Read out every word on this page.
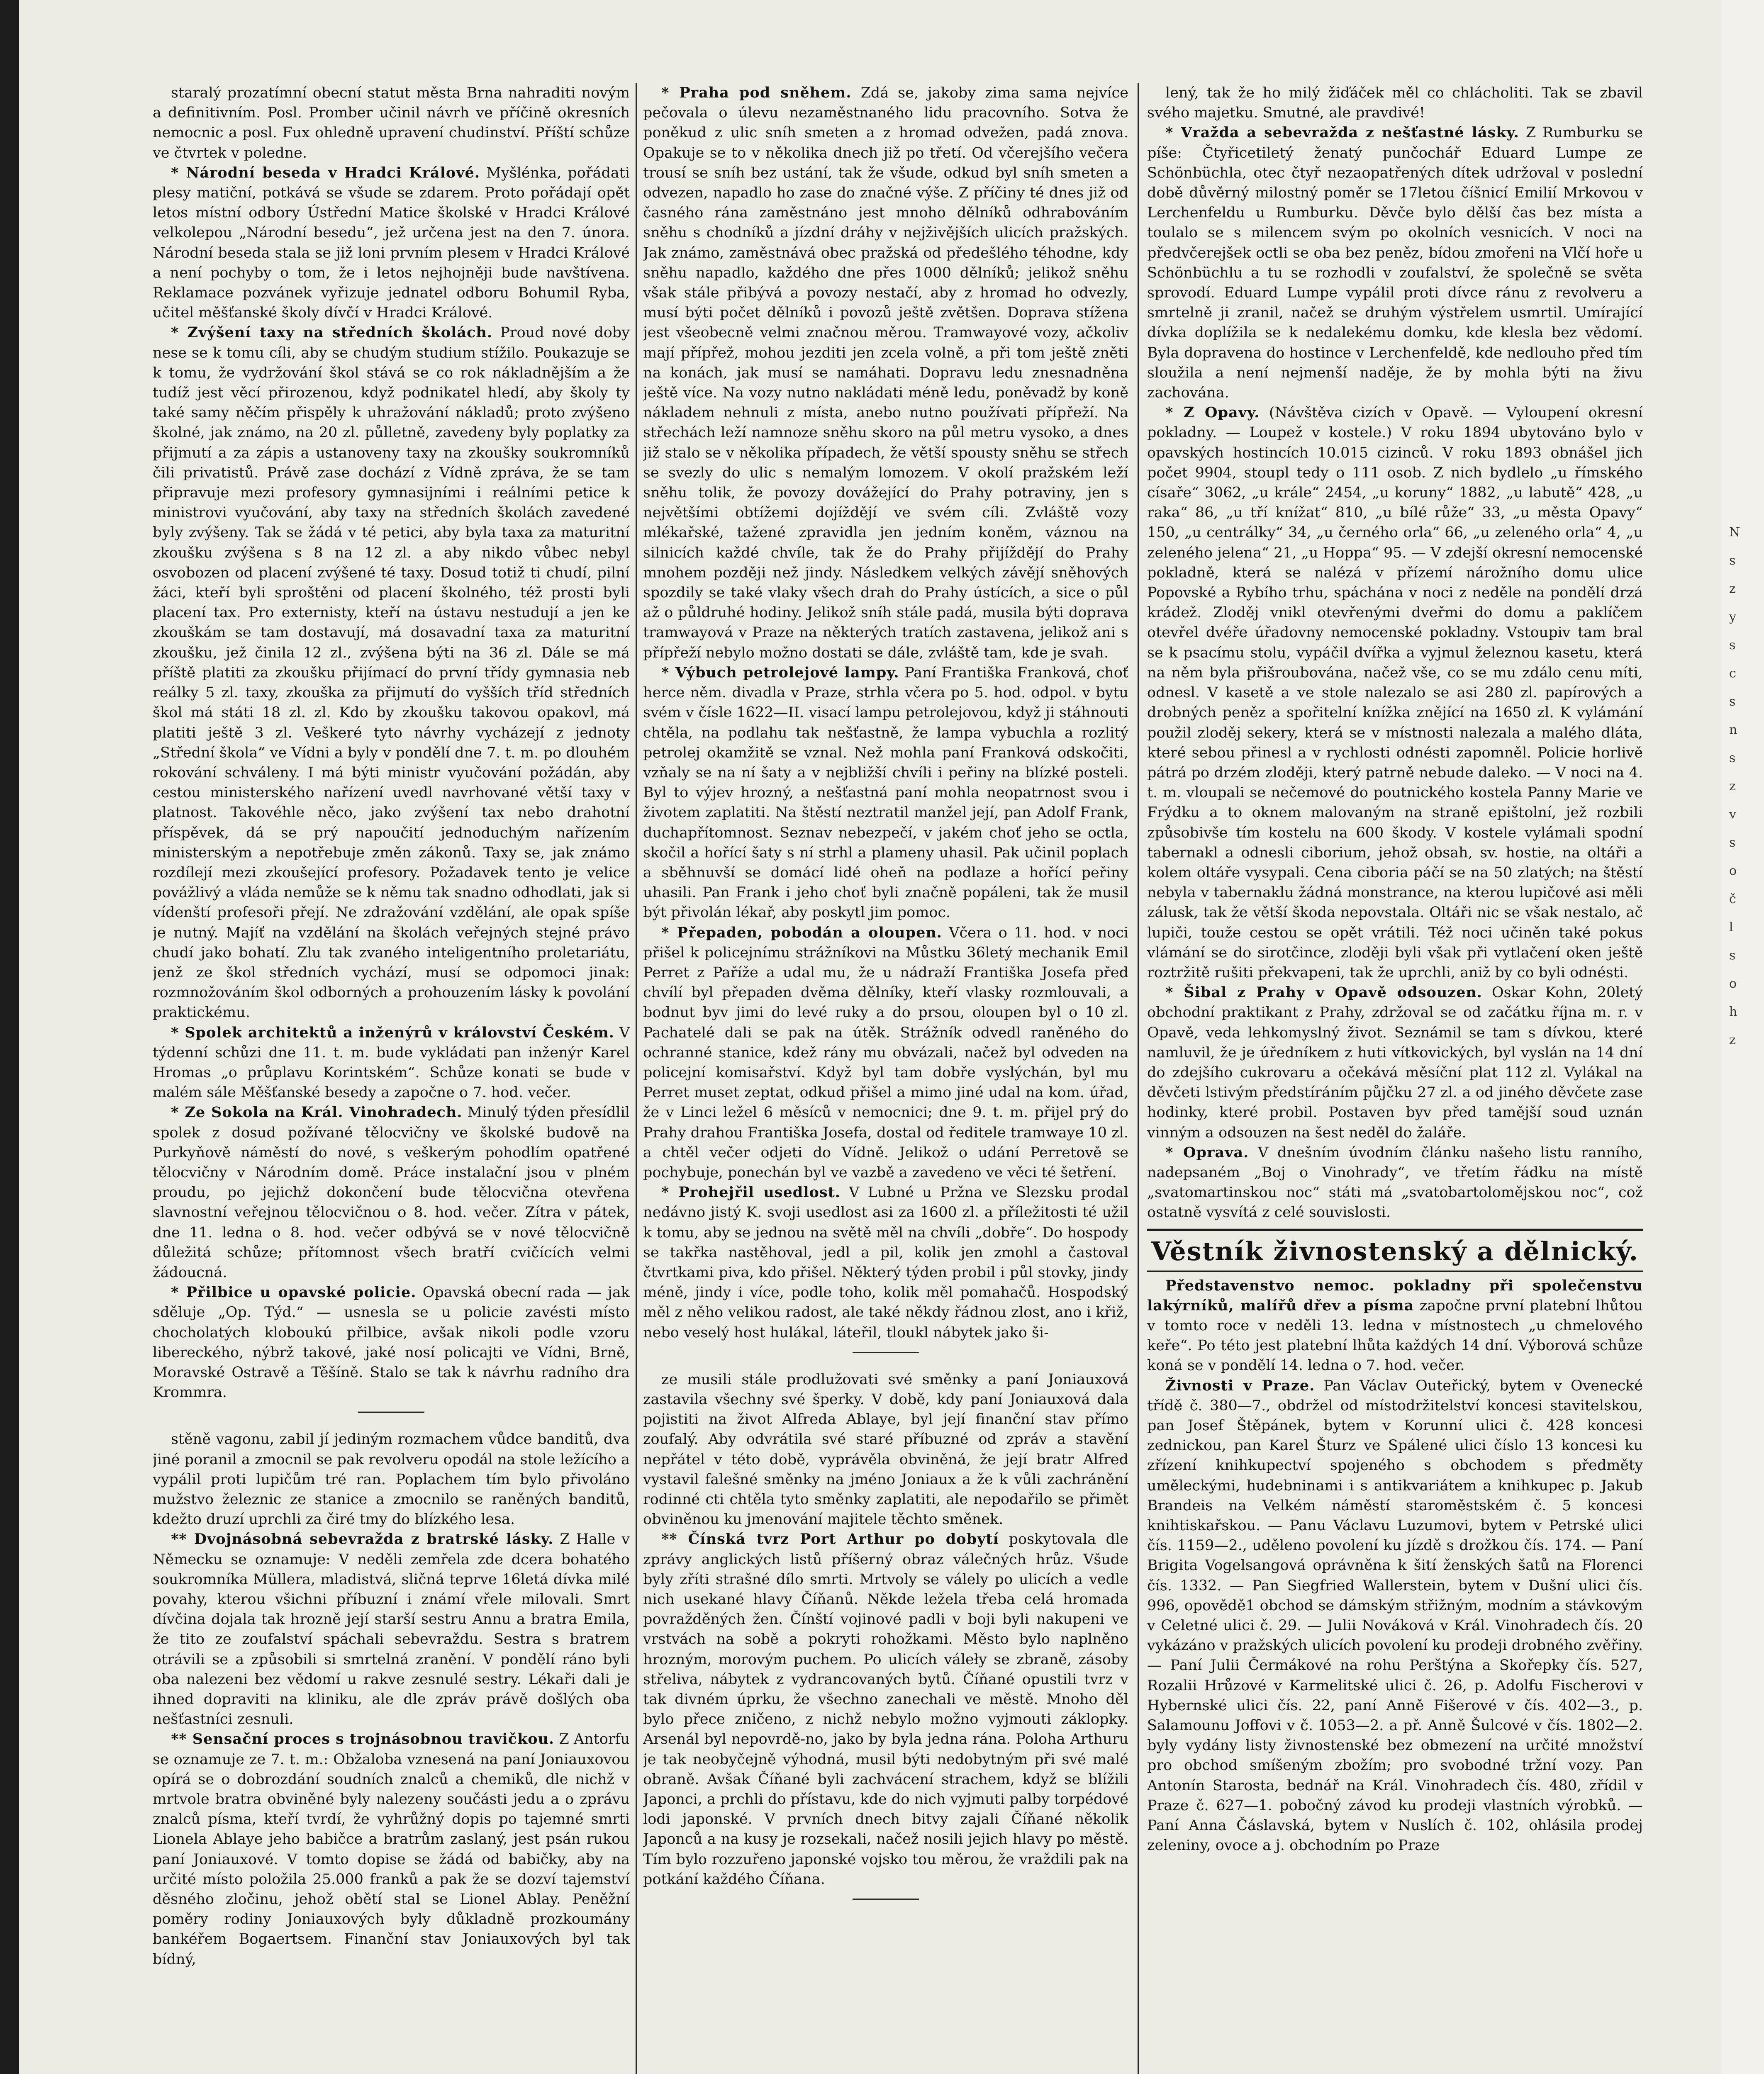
staralý prozatímní obecní statut města Brna nahraditi novým a definitivním. Posl. Promber učinil návrh ve příčině okresních nemocnic a posl. Fux ohledně upravení chudinství. Příští schůze ve čtvrtek v poledne.

* Národní beseda v Hradci Králové. Myšlénka, pořádati plesy matiční, potkává se všude se zdarem. Proto pořádají opět letos místní odbory Ústřední Matice školské v Hradci Králové velkolepou „Národní besedu“, jež určena jest na den 7. února. Národní beseda stala se již loni prvním plesem v Hradci Králové a není pochyby o tom, že i letos nejhojněji bude navštívena. Reklamace pozvánek vyřizuje jednatel odboru Bohumil Ryba, učitel měšťanské školy dívčí v Hradci Králové.

* Zvýšení taxy na středních školách. Proud nové doby nese se k tomu cíli, aby se chudým studium stížilo. Poukazuje se k tomu, že vydržování škol stává se co rok nákladnějším a že tudíž jest věcí přirozenou, když podnikatel hledí, aby školy ty také samy něčím přispěly k uhražování nákladů; proto zvýšeno školné, jak známo, na 20 zl. půlletně, zavedeny byly poplatky za přijmutí a za zápis a ustanoveny taxy na zkoušky soukromníků čili privatistů. Právě zase dochází z Vídně zpráva, že se tam připravuje mezi profesory gymnasijními i reálními petice k ministrovi vyučování, aby taxy na středních školách zavedené byly zvýšeny. Tak se žádá v té petici, aby byla taxa za maturitní zkoušku zvýšena s 8 na 12 zl. a aby nikdo vůbec nebyl osvobozen od placení zvýšené té taxy. Dosud totiž ti chudí, pilní žáci, kteří byli sproštěni od placení školného, též prosti byli placení tax. Pro externisty, kteří na ústavu nestudují a jen ke zkouškám se tam dostavují, má dosavadní taxa za maturitní zkoušku, jež činila 12 zl., zvýšena býti na 36 zl. Dále se má příště platiti za zkoušku přijímací do první třídy gymnasia neb reálky 5 zl. taxy, zkouška za přijmutí do vyšších tříd středních škol má státi 18 zl. zl. Kdo by zkoušku takovou opakovl, má platiti ještě 3 zl. Veškeré tyto návrhy vycházejí z jednoty „Střední škola“ ve Vídni a byly v pondělí dne 7. t. m. po dlouhém rokování schváleny. I má býti ministr vyučování požádán, aby cestou ministerského nařízení uvedl navrhované větší taxy v platnost. Takovéhle něco, jako zvýšení tax nebo drahotní příspěvek, dá se prý napoučití jednoduchým nařízením ministerským a nepotřebuje změn zákonů. Taxy se, jak známo rozdílejí mezi zkoušející profesory. Požadavek tento je velice povážlivý a vláda nemůže se k němu tak snadno odhodlati, jak si vídenští profesoři přejí. Ne zdražování vzdělání, ale opak spíše je nutný. Majíť na vzdělání na školách veřejných stejné právo chudí jako bohatí. Zlu tak zvaného inteligentního proletariátu, jenž ze škol středních vychází, musí se odpomoci jinak: rozmnožováním škol odborných a prohouzením lásky k povolání praktickému.

* Spolek architektů a inženýrů v království Českém. V týdenní schůzi dne 11. t. m. bude vykládati pan inženýr Karel Hromas „o průplavu Korintském“. Schůze konati se bude v malém sále Měšťanské besedy a započne o 7. hod. večer.

* Ze Sokola na Král. Vinohradech. Minulý týden přesídlil spolek z dosud požívané tělocvičny ve školské budově na Purkyňově náměstí do nové, s veškerým pohodlím opatřené tělocvičny v Národním domě. Práce instalační jsou v plném proudu, po jejichž dokončení bude tělocvična otevřena slavnostní veřejnou tělocvičnou o 8. hod. večer. Zítra v pátek, dne 11. ledna o 8. hod. večer odbývá se v nové tělocvičně důležitá schůze; přítomnost všech bratří cvičících velmi žádoucná.

* Přilbice u opavské policie. Opavská obecní rada — jak sděluje „Op. Týd.“ — usnesla se u policie zavésti místo chocholatých kloboukú přilbice, avšak nikoli podle vzoru libereckého, nýbrž takové, jaké nosí policajti ve Vídni, Brně, Moravské Ostravě a Těšíně. Stalo se tak k návrhu radního dra Krommra.

stěně vagonu, zabil jí jediným rozmachem vůdce banditů, dva jiné poranil a zmocnil se pak revolveru opodál na stole ležícího a vypálil proti lupičům tré ran. Poplachem tím bylo přivoláno mužstvo železnic ze stanice a zmocnilo se raněných banditů, kdežto druzí uprchli za čiré tmy do blízkého lesa.

** Dvojnásobná sebevražda z bratrské lásky. Z Halle v Německu se oznamuje: V neděli zemřela zde dcera bohatého soukromníka Müllera, mladistvá, sličná teprve 16letá dívka milé povahy, kterou všichni příbuzní i známí vřele milovali. Smrt dívčina dojala tak hrozně její starší sestru Annu a bratra Emila, že tito ze zoufalství spáchali sebevraždu. Sestra s bratrem otrávili se a způsobili si smrtelná zranění. V pondělí ráno byli oba nalezeni bez vědomí u rakve zesnulé sestry. Lékaři dali je ihned dopraviti na kliniku, ale dle zpráv právě došlých oba nešťastníci zesnuli.

** Sensační proces s trojnásobnou travičkou. Z Antorfu se oznamuje ze 7. t. m.: Obžaloba vznesená na paní Joniauxovou opírá se o dobrozdání soudních znalců a chemiků, dle nichž v mrtvole bratra obviněné byly nalezeny součásti jedu a o zprávu znalců písma, kteří tvrdí, že vyhrůžný dopis po tajemné smrti Lionela Ablaye jeho babičce a bratrům zaslaný, jest psán rukou paní Joniauxové. V tomto dopise se žádá od babičky, aby na určité místo položila 25.000 franků a pak že se dozví tajemství děsného zločinu, jehož obětí stal se Lionel Ablay. Peněžní poměry rodiny Joniauxových byly důkladně prozkoumány bankéřem Bogaertsem. Finanční stav Joniauxových byl tak bídný,

* Praha pod sněhem. Zdá se, jakoby zima sama nejvíce pečovala o úlevu nezaměstnaného lidu pracovního. Sotva že poněkud z ulic sníh smeten a z hromad odvežen, padá znova. Opakuje se to v několika dnech již po třetí. Od včerejšího večera trousí se sníh bez ustání, tak že všude, odkud byl sníh smeten a odvezen, napadlo ho zase do značné výše. Z příčiny té dnes již od časného rána zaměstnáno jest mnoho dělníků odhrabováním sněhu s chodníků a jízdní dráhy v nejživějších ulicích pražských. Jak známo, zaměstnává obec pražská od předešlého téhodne, kdy sněhu napadlo, každého dne přes 1000 dělníků; jelikož sněhu však stále přibývá a povozy nestačí, aby z hromad ho odvezly, musí býti počet dělníků i povozů ještě zvětšen. Doprava stížena jest všeobecně velmi značnou měrou. Tramwayové vozy, ačkoliv mají přípřež, mohou jezditi jen zcela volně, a při tom ještě zněti na konách, jak musí se namáhati. Dopravu ledu znesnadněna ještě více. Na vozy nutno nakládati méně ledu, poněvadž by koně nákladem nehnuli z místa, anebo nutno používati přípřeží. Na střechách leží namnoze sněhu skoro na půl metru vysoko, a dnes již stalo se v několika případech, že větší spousty sněhu se střech se svezly do ulic s nemalým lomozem. V okolí pražském leží sněhu tolik, že povozy dovážející do Prahy potraviny, jen s největšími obtížemi dojíždějí ve svém cíli. Zvláště vozy mlékařské, tažené zpravidla jen jedním koněm, váznou na silnicích každé chvíle, tak že do Prahy přijíždějí do Prahy mnohem později než jindy. Následkem velkých závějí sněhových spozdily se také vlaky všech drah do Prahy ústících, a sice o půl až o půldruhé hodiny. Jelikož sníh stále padá, musila býti doprava tramwayová v Praze na některých tratích zastavena, jelikož ani s přípřeží nebylo možno dostati se dále, zvláště tam, kde je svah.

* Výbuch petrolejové lampy. Paní Františka Franková, choť herce něm. divadla v Praze, strhla včera po 5. hod. odpol. v bytu svém v čísle 1622—II. visací lampu petrolejovou, když ji stáhnouti chtěla, na podlahu tak nešťastně, že lampa vybuchla a rozlitý petrolej okamžitě se vznal. Než mohla paní Franková odskočiti, vzňaly se na ní šaty a v nejbližší chvíli i peřiny na blízké posteli. Byl to výjev hrozný, a nešťastná paní mohla neopatrnost svou i životem zaplatiti. Na štěstí neztratil manžel její, pan Adolf Frank, duchapřítomnost. Seznav nebezpečí, v jakém choť jeho se octla, skočil a hořící šaty s ní strhl a plameny uhasil. Pak učinil poplach a sběhnuvší se domácí lidé oheň na podlaze a hořící peřiny uhasili. Pan Frank i jeho choť byli značně popáleni, tak že musil být přivolán lékař, aby poskytl jim pomoc.

* Přepaden, pobodán a oloupen. Včera o 11. hod. v noci přišel k policejnímu strážníkovi na Můstku 36letý mechanik Emil Perret z Paříže a udal mu, že u nádraží Františka Josefa před chvílí byl přepaden dvěma dělníky, kteří vlasky rozmlouvali, a bodnut byv jimi do levé ruky a do prsou, oloupen byl o 10 zl. Pachatelé dali se pak na útěk. Strážník odvedl raněného do ochranné stanice, kdež rány mu obvázali, načež byl odveden na policejní komisařství. Když byl tam dobře vyslýchán, byl mu Perret muset zeptat, odkud přišel a mimo jiné udal na kom. úřad, že v Linci ležel 6 měsíců v nemocnici; dne 9. t. m. přijel prý do Prahy drahou Františka Josefa, dostal od ředitele tramwaye 10 zl. a chtěl večer odjeti do Vídně. Jelikož o udání Perretově se pochybuje, ponechán byl ve vazbě a zavedeno ve věci té šetření.

* Prohejřil usedlost. V Lubné u Pržna ve Slezsku prodal nedávno jistý K. svoji usedlost asi za 1600 zl. a příležitosti té užil k tomu, aby se jednou na světě měl na chvíli „dobře“. Do hospody se takřka nastěhoval, jedl a pil, kolik jen zmohl a častoval čtvrtkami piva, kdo přišel. Některý týden probil i půl stovky, jindy méně, jindy i více, podle toho, kolik měl pomahačů. Hospodský měl z něho velikou radost, ale také někdy řádnou zlost, ano i křiž, nebo veselý host hulákal, láteřil, tloukl nábytek jako ši-

ze musili stále prodlužovati své směnky a paní Joniauxová zastavila všechny své šperky. V době, kdy paní Joniauxová dala pojistiti na život Alfreda Ablaye, byl její finanční stav přímo zoufalý. Aby odvrátila své staré příbuzné od zpráv a stavění nepřátel v této době, vyprávěla obviněná, že její bratr Alfred vystavil falešné směnky na jméno Joniaux a že k vůli zachránění rodinné cti chtěla tyto směnky zaplatiti, ale nepodařilo se přimět obviněnou ku jmenování majitele těchto směnek.

** Čínská tvrz Port Arthur po dobytí poskytovala dle zprávy anglických listů příšerný obraz válečných hrůz. Všude byly zříti strašné dílo smrti. Mrtvoly se válely po ulicích a vedle nich usekané hlavy Číňanů. Někde ležela třeba celá hromada povražděných žen. Čínští vojinové padli v boji byli nakupeni ve vrstvách na sobě a pokryti rohožkami. Město bylo naplněno hrozným, morovým puchem. Po ulicích váleły se zbraně, zásoby střeliva, nábytek z vydrancovaných bytů. Číňané opustili tvrz v tak divném úprku, že všechno zanechali ve městě. Mnoho děl bylo přece zničeno, z nichž nebylo možno vyjmouti záklopky. Arsenál byl nepovrdě-no, jako by byla jedna rána. Poloha Arthuru je tak neobyčejně výhodná, musil býti nedobytným při své malé obraně. Avšak Číňané byli zachvácení strachem, když se blížili Japonci, a prchli do přístavu, kde do nich vyjmuti palby torpédové lodi japonské. V prvních dnech bitvy zajali Číňané několik Japonců a na kusy je rozsekali, načež nosili jejich hlavy po městě. Tím bylo rozzuřeno japonské vojsko tou měrou, že vraždili pak na potkání každého Číňana.

lený, tak že ho milý žiďáček měl co chlácholiti. Tak se zbavil svého majetku. Smutné, ale pravdivé!

* Vražda a sebevražda z nešťastné lásky. Z Rumburku se píše: Čtyřicetiletý ženatý punčochář Eduard Lumpe ze Schönbüchla, otec čtyř nezaopatřených dítek udržoval v poslední době důvěrný milostný poměr se 17letou číšnicí Emilií Mrkovou v Lerchenfeldu u Rumburku. Děvče bylo dělší čas bez místa a toulalo se s milencem svým po okolních vesnicích. V noci na předvčerejšek octli se oba bez peněz, bídou zmořeni na Vlčí hoře u Schönbüchlu a tu se rozhodli v zoufalství, že společně se světa sprovodí. Eduard Lumpe vypálil proti dívce ránu z revolveru a smrtelně ji zranil, načež se druhým výstřelem usmrtil. Umírající dívka doplížila se k nedalekému domku, kde klesla bez vědomí. Byla dopravena do hostince v Lerchenfeldě, kde nedlouho před tím sloužila a není nejmenší naděje, že by mohla býti na živu zachována.

* Z Opavy. (Návštěva cizích v Opavě. — Vyloupení okresní pokladny. — Loupež v kostele.) V roku 1894 ubytováno bylo v opavských hostincích 10.015 cizinců. V roku 1893 obnášel jich počet 9904, stoupl tedy o 111 osob. Z nich bydlelo „u římského císaře“ 3062, „u krále“ 2454, „u koruny“ 1882, „u labutě“ 428, „u raka“ 86, „u tří knížat“ 810, „u bílé růže“ 33, „u města Opavy“ 150, „u centrálky“ 34, „u černého orla“ 66, „u zeleného orla“ 4, „u zeleného jelena“ 21, „u Hoppa“ 95. — V zdejší okresní nemocenské pokladně, která se nalézá v přízemí nárožního domu ulice Popovské a Rybího trhu, spáchána v noci z neděle na pondělí drzá krádež. Zloděj vnikl otevřenými dveřmi do domu a paklíčem otevřel dvéře úřadovny nemocenské pokladny. Vstoupiv tam bral se k psacímu stolu, vypáčil dvířka a vyjmul železnou kasetu, která na něm byla přišroubována, načež vše, co se mu zdálo cenu míti, odnesl. V kasetě a ve stole nalezalo se asi 280 zl. papírových a drobných peněz a spořitelní knížka znějící na 1650 zl. K vylámání použil zloděj sekery, která se v místnosti nalezala a malého dláta, které sebou přinesl a v rychlosti odnésti zapomněl. Policie horlivě pátrá po drzém zloději, který patrně nebude daleko. — V noci na 4. t. m. vloupali se nečemové do poutnického kostela Panny Marie ve Frýdku a to oknem malovaným na straně epištolní, jež rozbili způsobivše tím kostelu na 600 škody. V kostele vylámali spodní tabernakl a odnesli ciborium, jehož obsah, sv. hostie, na oltáři a kolem oltáře vysypali. Cena ciboria páčí se na 50 zlatých; na štěstí nebyla v tabernaklu žádná monstrance, na kterou lupičové asi měli zálusk, tak že větší škoda nepovstala. Oltáři nic se však nestalo, ač lupiči, touže cestou se opět vrátili. Též noci učiněn také pokus vlámání se do sirotčince, zloději byli však při vytlačení oken ještě roztržitě rušiti překvapeni, tak že uprchli, aniž by co byli odnésti.

* Šibal z Prahy v Opavě odsouzen. Oskar Kohn, 20letý obchodní praktikant z Prahy, zdržoval se od začátku října m. r. v Opavě, veda lehkomyslný život. Seznámil se tam s dívkou, které namluvil, že je úředníkem z huti vítkovických, byl vyslán na 14 dní do zdejšího cukrovaru a očekává měsíční plat 112 zl. Vylákal na děvčeti lstivým předstíráním půjčku 27 zl. a od jiného děvčete zase hodinky, které probil. Postaven byv před tamější soud uznán vinným a odsouzen na šest neděl do žaláře.

* Oprava. V dnešním úvodním článku našeho listu ranního, nadepsaném „Boj o Vinohrady“, ve třetím řádku na místě „svatomartinskou noc“ státi má „svatobartolomějskou noc“, což ostatně vysvítá z celé souvislosti.

Věstník živnostenský a dělnický.

Představenstvo nemoc. pokladny při společenstvu lakýrníků, malířů dřev a písma započne první platební lhůtou v tomto roce v neděli 13. ledna v místnostech „u chmelového keře“. Po této jest platební lhůta každých 14 dní. Výborová schůze koná se v pondělí 14. ledna o 7. hod. večer.

Živnosti v Praze. Pan Václav Outeřický, bytem v Ovenecké třídě č. 380—7., obdržel od místodržitelství koncesi stavitelskou, pan Josef Štěpánek, bytem v Korunní ulici č. 428 koncesi zednickou, pan Karel Šturz ve Spálené ulici číslo 13 koncesi ku zřízení knihkupectví spojeného s obchodem s předměty uměleckými, hudebninami i s antikvariátem a knihkupec p. Jakub Brandeis na Velkém náměstí staroměstském č. 5 koncesi knihtiskařskou. — Panu Václavu Luzumovi, bytem v Petrské ulici čís. 1159—2., uděleno povolení ku jízdě s drožkou čís. 174. — Paní Brigita Vogelsangová oprávněna k šití ženských šatů na Florenci čís. 1332. — Pan Siegfried Wallerstein, bytem v Dušní ulici čís. 996, opovědě1 obchod se dámským střižným, modním a stávkovým v Celetné ulici č. 29. — Julii Nováková v Král. Vinohradech čís. 20 vykázáno v pražských ulicích povolení ku prodeji drobného zvěřiny. — Paní Julii Čermákové na rohu Perštýna a Skořepky čís. 527, Rozalii Hrůzové v Karmelitské ulici č. 26, p. Adolfu Fischerovi v Hybernské ulici čís. 22, paní Anně Fišerové v čís. 402—3., p. Salamounu Joffovi v č. 1053—2. a př. Anně Šulcové v čís. 1802—2. byly vydány listy živnostenské bez obmezení na určité množství pro obchod smíšeným zbožím; pro svobodné tržní vozy. Pan Antonín Starosta, bednář na Král. Vinohradech čís. 480, zřídil v Praze č. 627—1. pobočný závod ku prodeji vlastních výrobků. — Paní Anna Čáslavská, bytem v Nuslích č. 102, ohlásila prodej zeleniny, ovoce a j. obchodním po Praze

N
s
z
y
s
c
s
n
s
z
v
s
o
č
l
s
o
h
z
